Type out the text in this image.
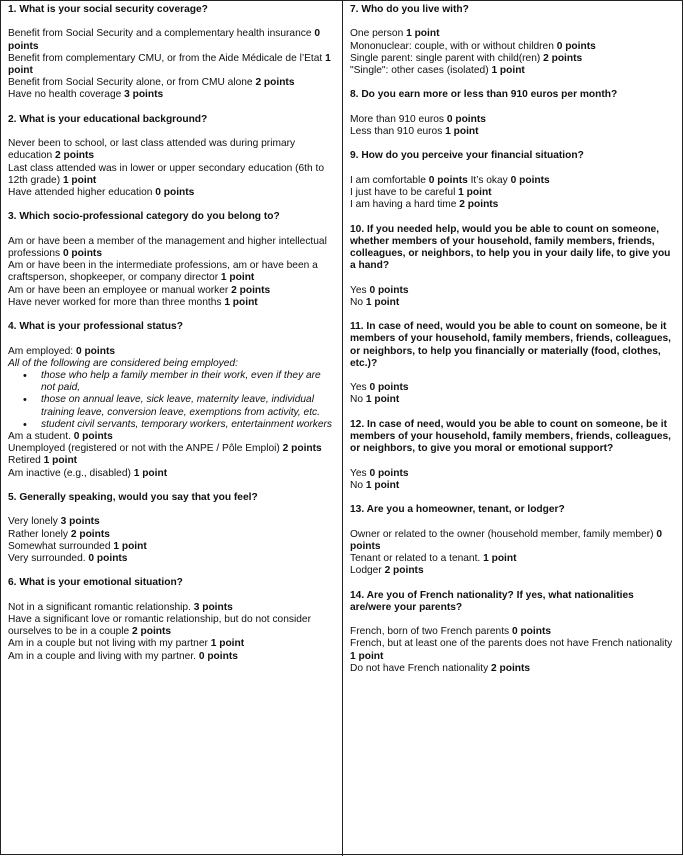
1. What is your social security coverage?

Benefit from Social Security and a complementary health insurance 0 points

Benefit from complementary CMU, or from the Aide Médicale de l’Etat 1 point

Benefit from Social Security alone, or from CMU alone 2 points

Have no health coverage 3 points

2. What is your educational background?

Never been to school, or last class attended was during primary education 2 points

Last class attended was in lower or upper secondary education (6th to 12th grade) 1 point

Have attended higher education 0 points

3. Which socio-professional category do you belong to?

Am or have been a member of the management and higher intellectual professions 0 points

Am or have been in the intermediate professions, am or have been a craftsperson, shopkeeper, or company director 1 point

Am or have been an employee or manual worker 2 points

Have never worked for more than three months 1 point

4. What is your professional status?

Am employed: 0 points

All of the following are considered being employed:

• those who help a family member in their work, even if they are not paid,
• those on annual leave, sick leave, maternity leave, individual training leave, conversion leave, exemptions from activity, etc.
• student civil servants, temporary workers, entertainment workers

Am a student. 0 points

Unemployed (registered or not with the ANPE / Pôle Emploi) 2 points

Retired 1 point

Am inactive (e.g., disabled) 1 point

5. Generally speaking, would you say that you feel?

Very lonely 3 points

Rather lonely 2 points

Somewhat surrounded 1 point

Very surrounded. 0 points

6. What is your emotional situation?

Not in a significant romantic relationship. 3 points

Have a significant love or romantic relationship, but do not consider ourselves to be in a couple 2 points

Am in a couple but not living with my partner 1 point

Am in a couple and living with my partner. 0 points

7. Who do you live with?

One person 1 point

Mononuclear: couple, with or without children 0 points

Single parent: single parent with child(ren) 2 points

"Single": other cases (isolated) 1 point

8. Do you earn more or less than 910 euros per month?

More than 910 euros 0 points

Less than 910 euros 1 point

9. How do you perceive your financial situation?

I am comfortable 0 points It’s okay 0 points

I just have to be careful 1 point

I am having a hard time 2 points

10. If you needed help, would you be able to count on someone, whether members of your household, family members, friends, colleagues, or neighbors, to help you in your daily life, to give you a hand?

Yes 0 points

No 1 point

11. In case of need, would you be able to count on someone, be it members of your household, family members, friends, colleagues, or neighbors, to help you financially or materially (food, clothes, etc.)?

Yes 0 points

No 1 point

12. In case of need, would you be able to count on someone, be it members of your household, family members, friends, colleagues, or neighbors, to give you moral or emotional support?

Yes 0 points

No 1 point

13. Are you a homeowner, tenant, or lodger?

Owner or related to the owner (household member, family member) 0 points

Tenant or related to a tenant. 1 point

Lodger 2 points

14. Are you of French nationality? If yes, what nationalities are/were your parents?

French, born of two French parents 0 points

French, but at least one of the parents does not have French nationality 1 point

Do not have French nationality 2 points
